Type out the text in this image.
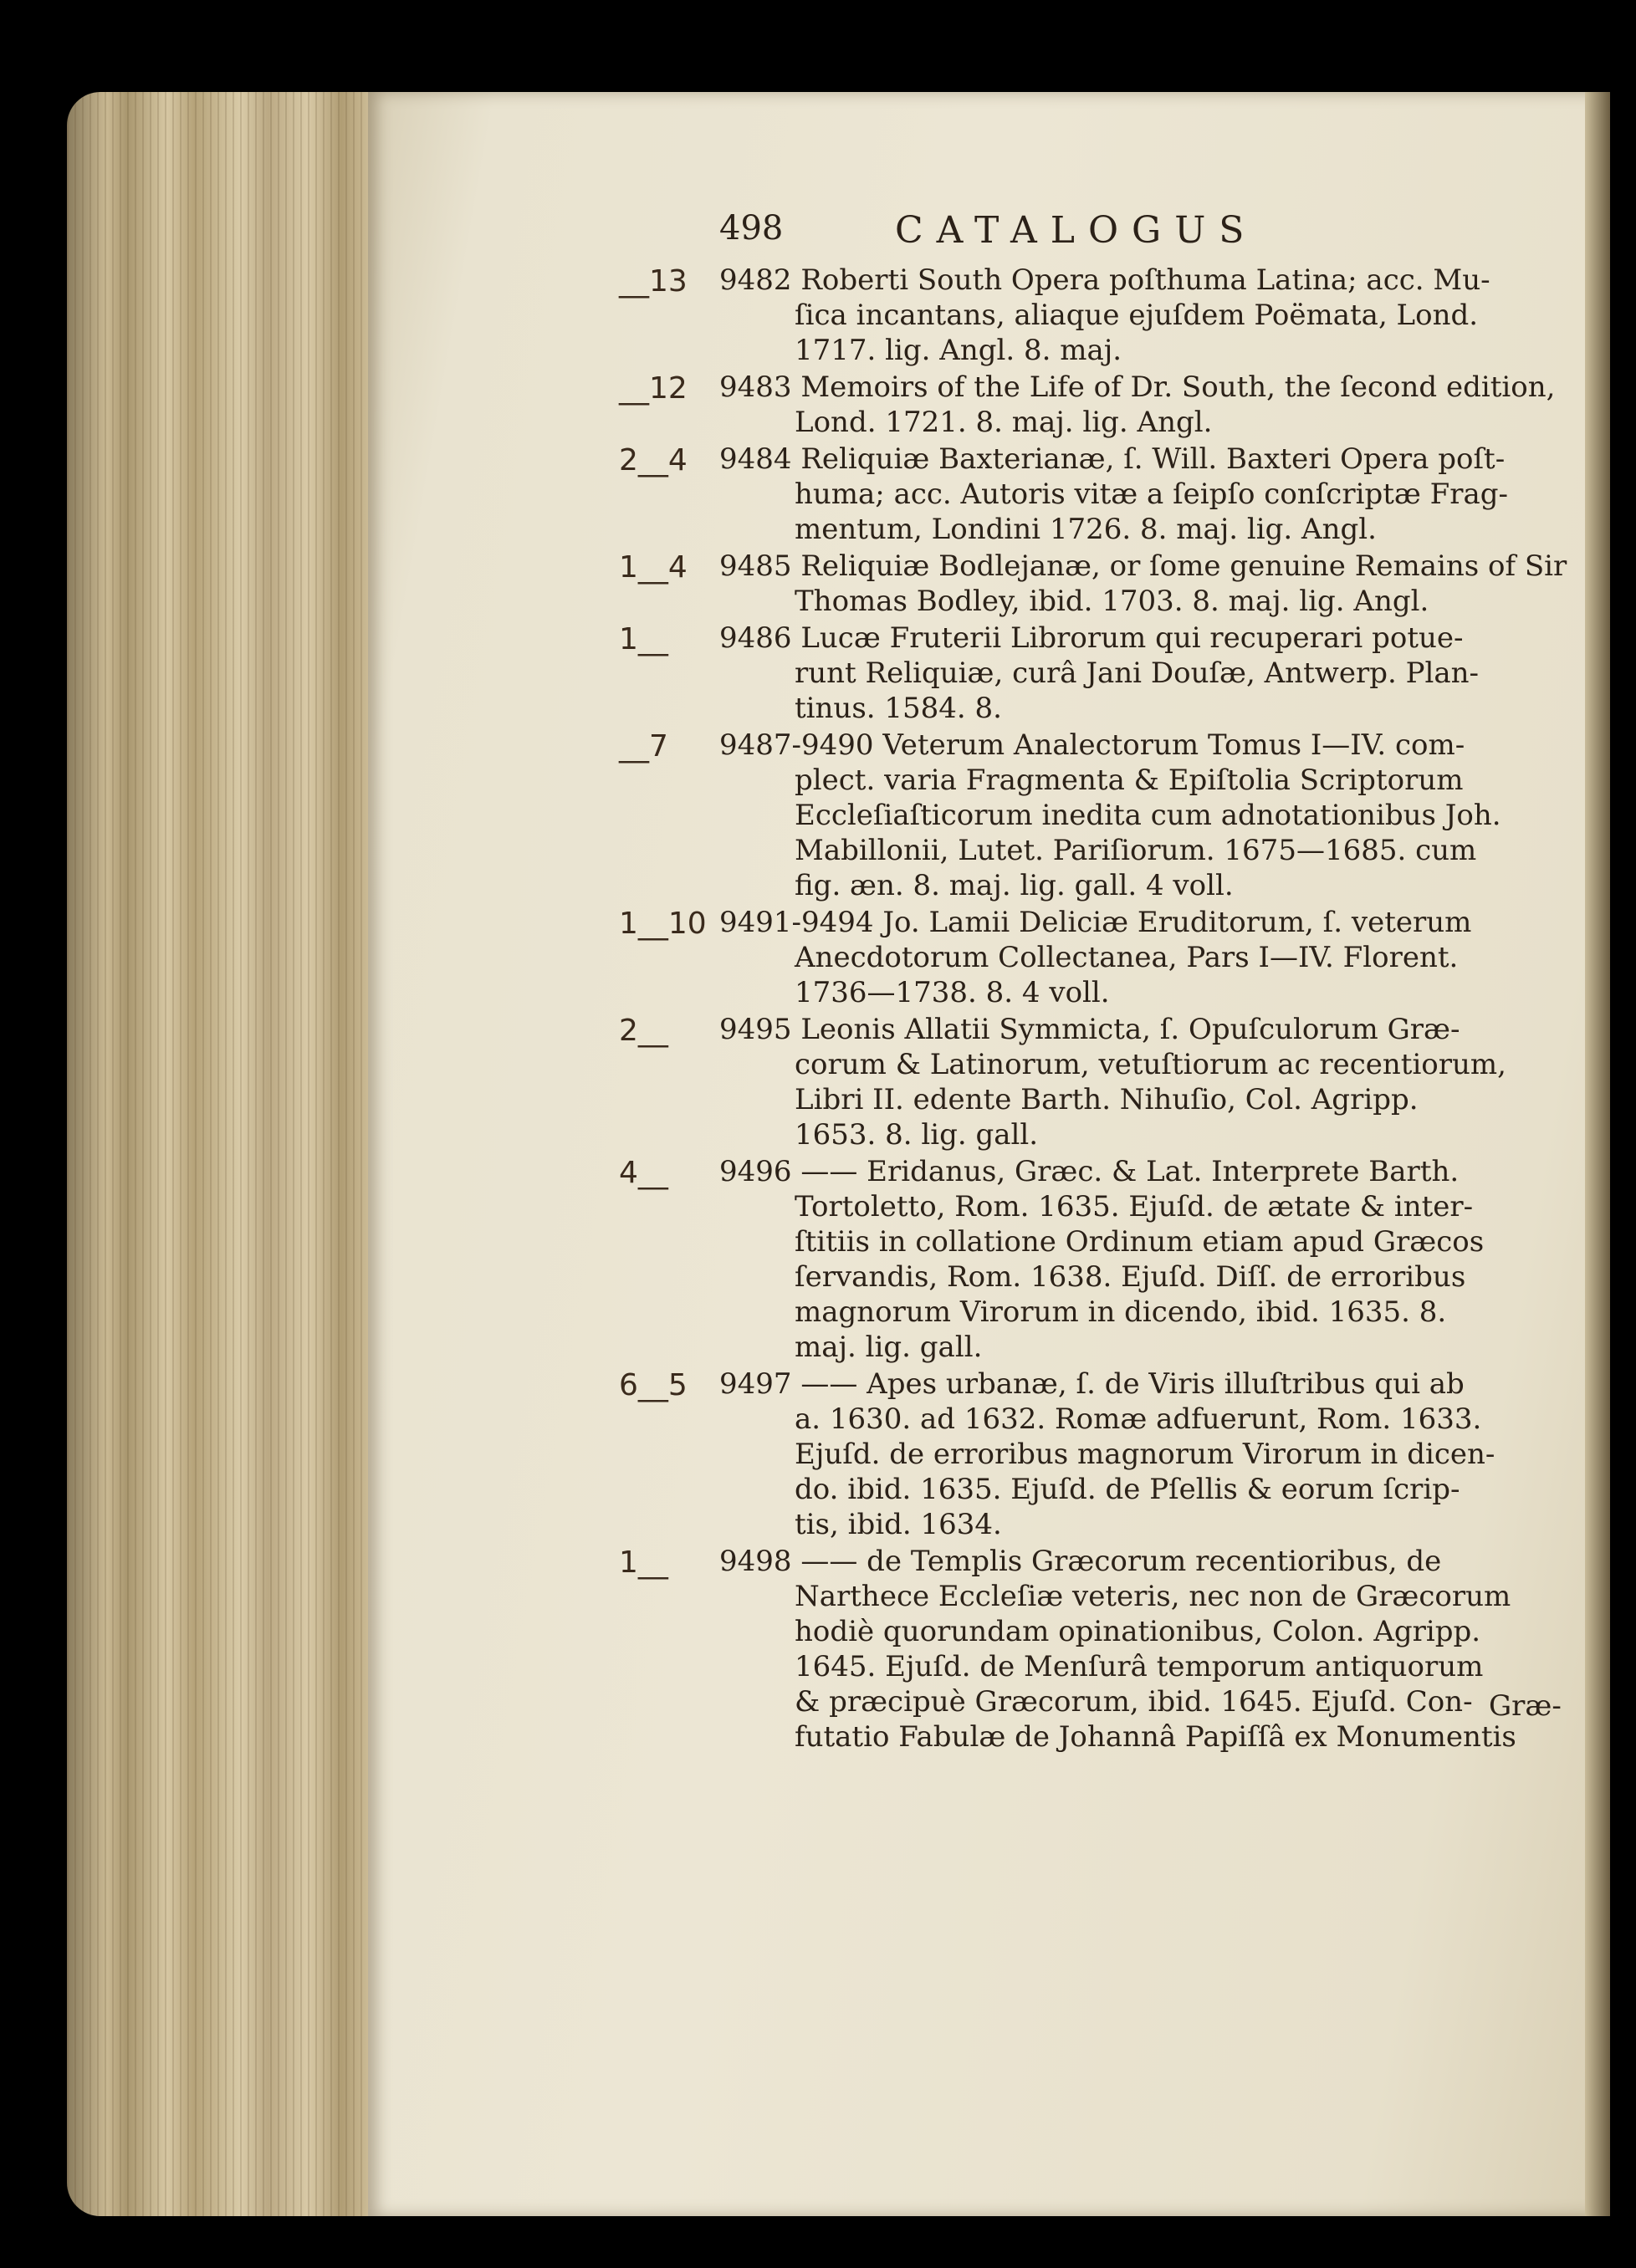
498	CATALOGUS
9482 Roberti South Opera poſthuma Latina; acc. Mu-
ſica incantans, aliaque ejuſdem Poëmata, Lond.
1717. lig. Angl. 8. maj.
9483 Memoirs of the Life of Dr. South, the ſecond edition,
Lond. 1721. 8. maj. lig. Angl.
9484 Reliquiæ Baxterianæ, ſ. Will. Baxteri Opera poſt-
huma; acc. Autoris vitæ a ſeipſo conſcriptæ Frag-
mentum, Londini 1726. 8. maj. lig. Angl.
9485 Reliquiæ Bodlejanæ, or ſome genuine Remains of Sir
Thomas Bodley, ibid. 1703. 8. maj. lig. Angl.
9486 Lucæ Fruterii Librorum qui recuperari potue-
runt Reliquiæ, curâ Jani Douſæ, Antwerp. Plan-
tinus. 1584. 8.
9487-9490 Veterum Analectorum Tomus I—IV. com-
plect. varia Fragmenta & Epiſtolia Scriptorum
Eccleſiaſticorum inedita cum adnotationibus Joh.
Mabillonii, Lutet. Pariſiorum. 1675—1685. cum
fig. æn. 8. maj. lig. gall. 4 voll.
9491-9494 Jo. Lamii Deliciæ Eruditorum, ſ. veterum
Anecdotorum Collectanea, Pars I—IV. Florent.
1736—1738. 8. 4 voll.
9495 Leonis Allatii Symmicta, ſ. Opuſculorum Græ-
corum & Latinorum, vetuſtiorum ac recentiorum,
Libri II. edente Barth. Nihuſio, Col. Agripp.
1653. 8. lig. gall.
9496 —— Eridanus, Græc. & Lat. Interprete Barth.
Tortoletto, Rom. 1635. Ejuſd. de ætate & inter-
ſtitiis in collatione Ordinum etiam apud Græcos
ſervandis, Rom. 1638. Ejuſd. Diſſ. de erroribus
magnorum Virorum in dicendo, ibid. 1635. 8.
maj. lig. gall.
9497 —— Apes urbanæ, ſ. de Viris illuſtribus qui ab
a. 1630. ad 1632. Romæ adfuerunt, Rom. 1633.
Ejuſd. de erroribus magnorum Virorum in dicen-
do. ibid. 1635. Ejuſd. de Pſellis & eorum ſcrip-
tis, ibid. 1634.
9498 —— de Templis Græcorum recentioribus, de
Narthece Eccleſiæ veteris, nec non de Græcorum
hodiè quorundam opinationibus, Colon. Agripp.
1645. Ejuſd. de Menſurâ temporum antiquorum
& præcipuè Græcorum, ibid. 1645. Ejuſd. Con-
futatio Fabulæ de Johannâ Papiſſâ ex Monumentis
__13
__12
2__4
1__4
1__
__7
1__10
2__
4__
6__5
1__
Græ-
